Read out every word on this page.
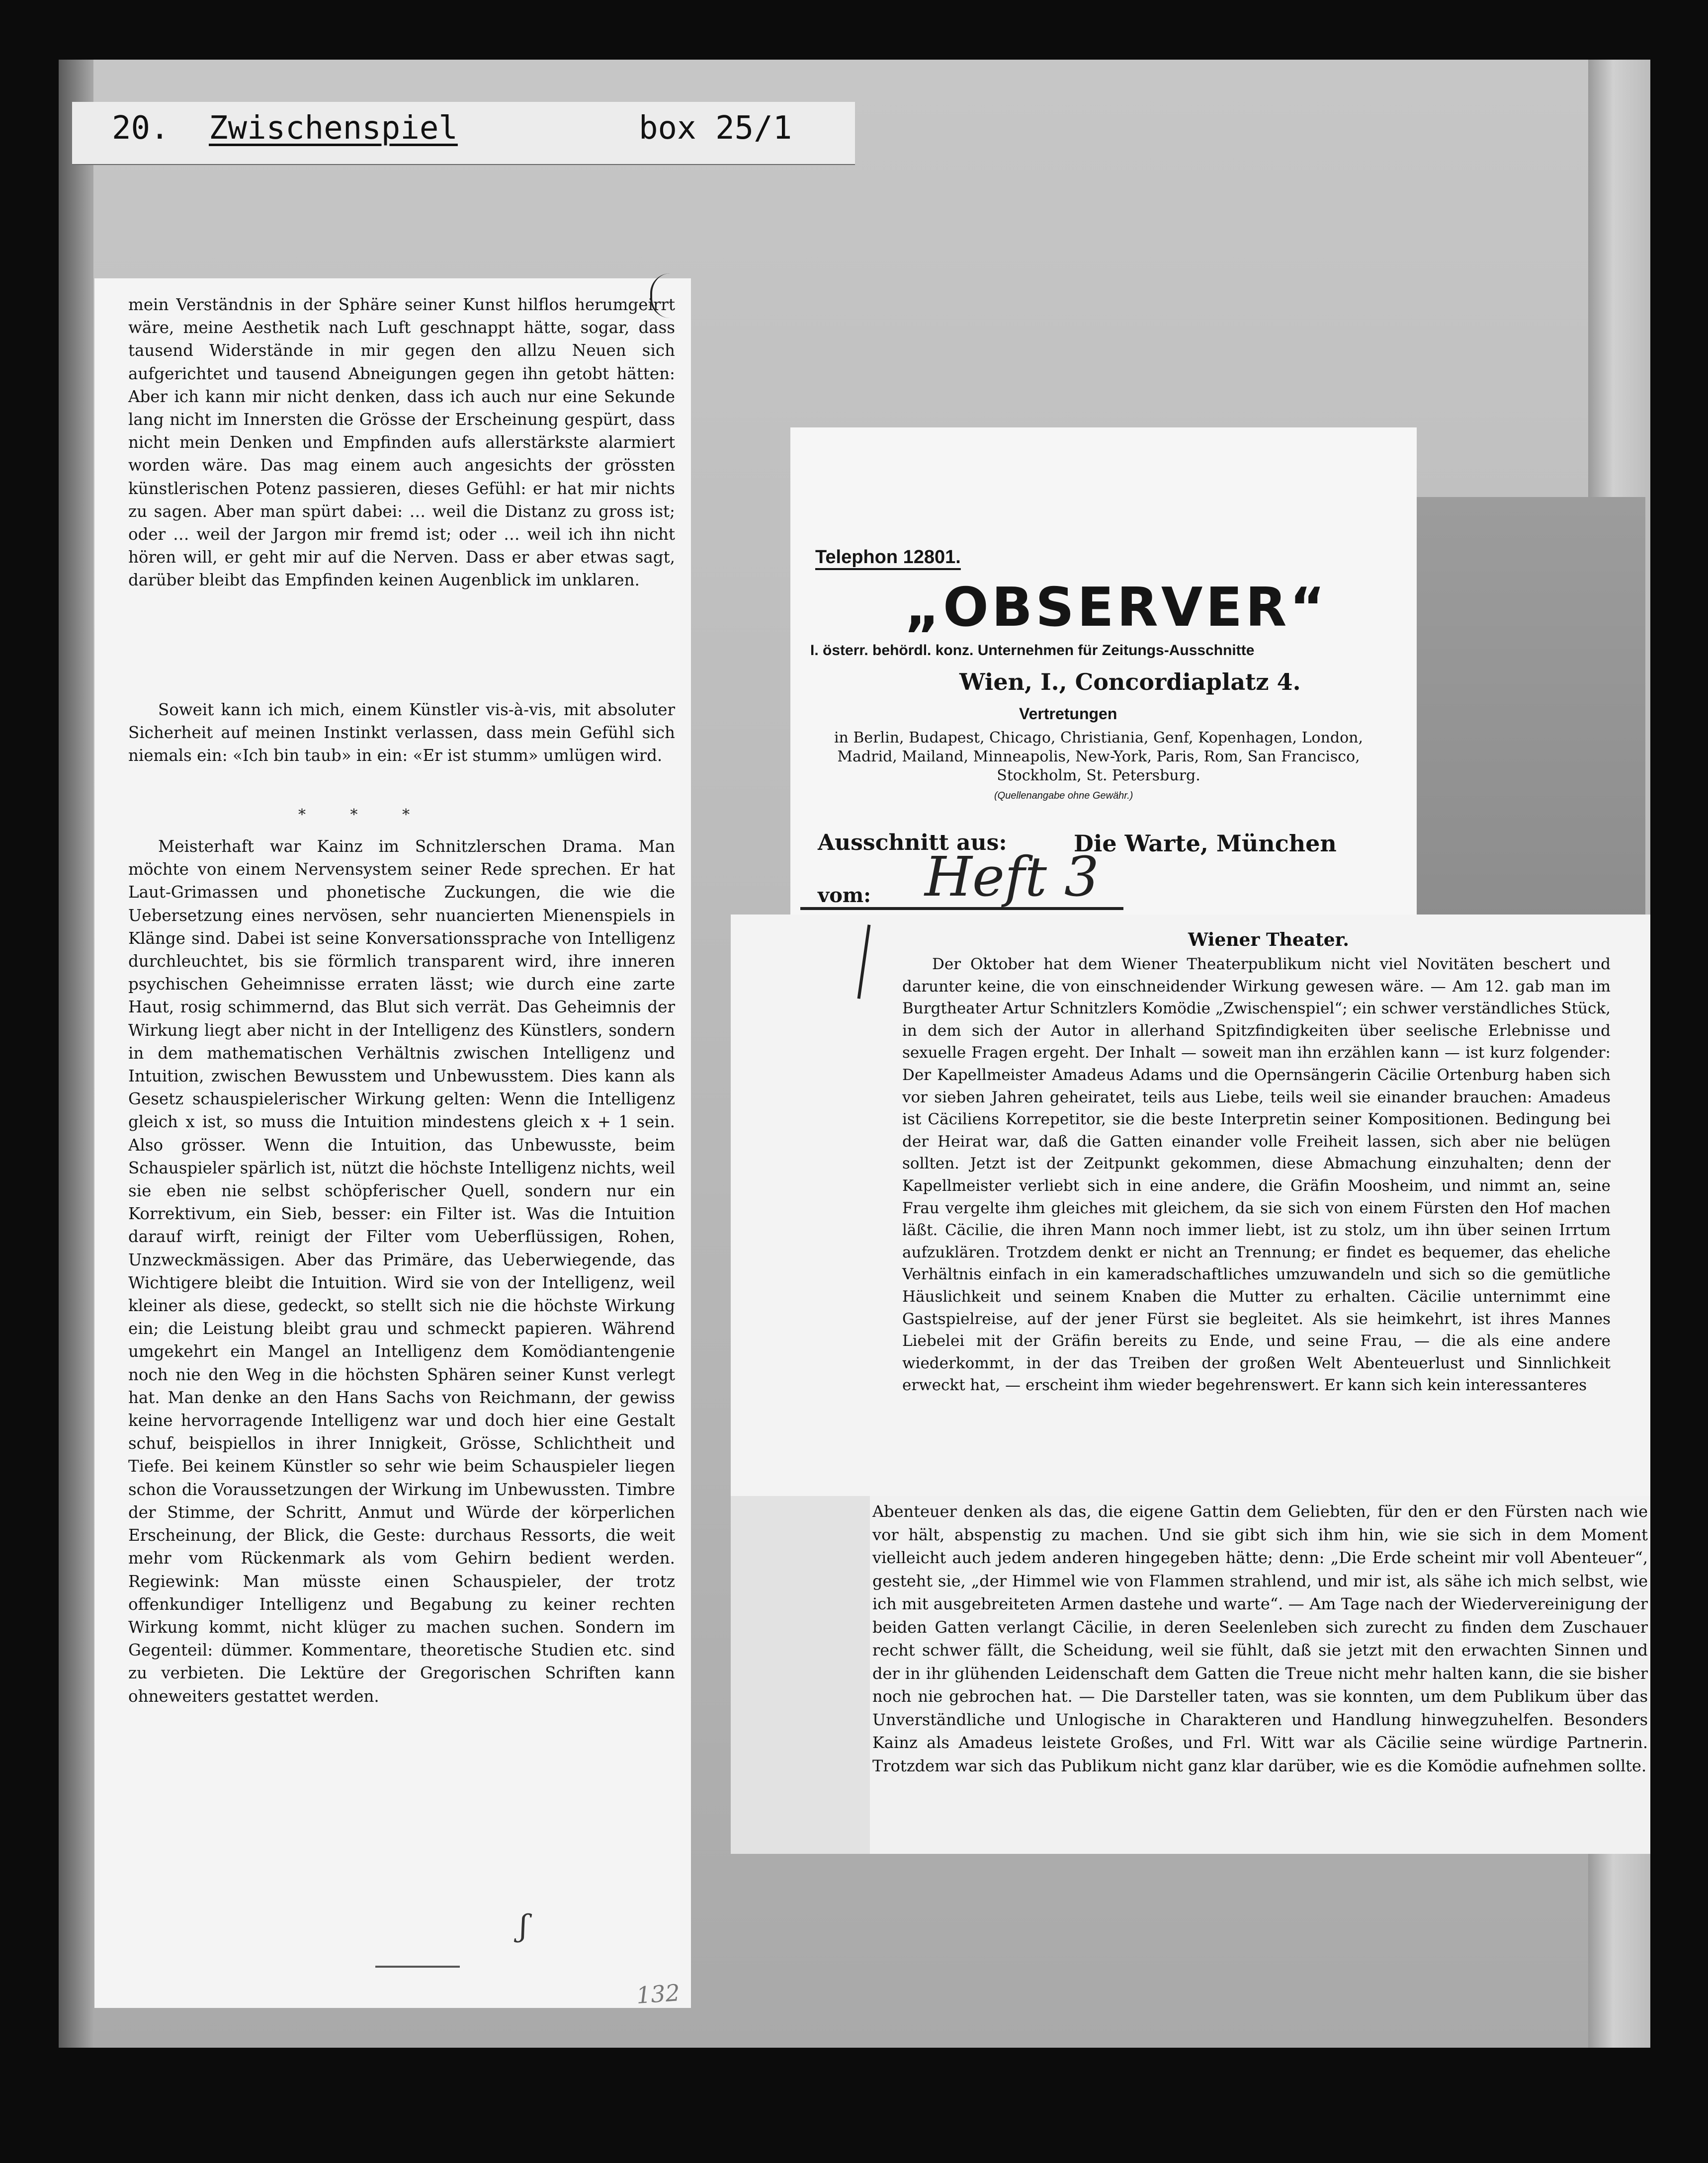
20. Zwischenspiel	box 25/1

mein Verständnis in der Sphäre seiner Kunst hilflos herumgeirrt wäre, meine Aesthetik nach Luft geschnappt hätte, sogar, dass tausend Widerstände in mir gegen den allzu Neuen sich aufgerichtet und tausend Abneigungen gegen ihn getobt hätten: Aber ich kann mir nicht denken, dass ich auch nur eine Sekunde lang nicht im Innersten die Grösse der Erscheinung gespürt, dass nicht mein Denken und Empfinden aufs allerstärkste alarmiert worden wäre. Das mag einem auch angesichts der grössten künstlerischen Potenz passieren, dieses Gefühl: er hat mir nichts zu sagen. Aber man spürt dabei: … weil die Distanz zu gross ist; oder … weil der Jargon mir fremd ist; oder … weil ich ihn nicht hören will, er geht mir auf die Nerven. Dass er aber etwas sagt, darüber bleibt das Empfinden keinen Augenblick im unklaren.

Soweit kann ich mich, einem Künstler vis-à-vis, mit absoluter Sicherheit auf meinen Instinkt verlassen, dass mein Gefühl sich niemals ein: «Ich bin taub» in ein: «Er ist stumm» umlügen wird.

* * *

Meisterhaft war Kainz im Schnitzlerschen Drama. Man möchte von einem Nervensystem seiner Rede sprechen. Er hat Laut-Grimassen und phonetische Zuckungen, die wie die Uebersetzung eines nervösen, sehr nuancierten Mienenspiels in Klänge sind. Dabei ist seine Konversationssprache von Intelligenz durchleuchtet, bis sie förmlich transparent wird, ihre inneren psychischen Geheimnisse erraten lässt; wie durch eine zarte Haut, rosig schimmernd, das Blut sich verrät. Das Geheimnis der Wirkung liegt aber nicht in der Intelligenz des Künstlers, sondern in dem mathematischen Verhältnis zwischen Intelligenz und Intuition, zwischen Bewusstem und Unbewusstem. Dies kann als Gesetz schauspielerischer Wirkung gelten: Wenn die Intelligenz gleich x ist, so muss die Intuition mindestens gleich x + 1 sein. Also grösser. Wenn die Intuition, das Unbewusste, beim Schauspieler spärlich ist, nützt die höchste Intelligenz nichts, weil sie eben nie selbst schöpferischer Quell, sondern nur ein Korrektivum, ein Sieb, besser: ein Filter ist. Was die Intuition darauf wirft, reinigt der Filter vom Ueberflüssigen, Rohen, Unzweckmässigen. Aber das Primäre, das Ueberwiegende, das Wichtigere bleibt die Intuition. Wird sie von der Intelligenz, weil kleiner als diese, gedeckt, so stellt sich nie die höchste Wirkung ein; die Leistung bleibt grau und schmeckt papieren. Während umgekehrt ein Mangel an Intelligenz dem Komödiantengenie noch nie den Weg in die höchsten Sphären seiner Kunst verlegt hat. Man denke an den Hans Sachs von Reichmann, der gewiss keine hervorragende Intelligenz war und doch hier eine Gestalt schuf, beispiellos in ihrer Innigkeit, Grösse, Schlichtheit und Tiefe. Bei keinem Künstler so sehr wie beim Schauspieler liegen schon die Voraussetzungen der Wirkung im Unbewussten. Timbre der Stimme, der Schritt, Anmut und Würde der körperlichen Erscheinung, der Blick, die Geste: durchaus Ressorts, die weit mehr vom Rückenmark als vom Gehirn bedient werden. Regiewink: Man müsste einen Schauspieler, der trotz offenkundiger Intelligenz und Begabung zu keiner rechten Wirkung kommt, nicht klüger zu machen suchen. Sondern im Gegenteil: dümmer. Kommentare, theoretische Studien etc. sind zu verbieten. Die Lektüre der Gregorischen Schriften kann ohneweiters gestattet werden.

ʃ
132
Telephon 12801.
„OBSERVER“
I. österr. behördl. konz. Unternehmen für Zeitungs-Ausschnitte
Wien, I., Concordiaplatz 4.
Vertretungen
in Berlin, Budapest, Chicago, Christiania, Genf, Kopenhagen, London, Madrid, Mailand, Minneapolis, New-York, Paris, Rom, San Francisco, Stockholm, St. Petersburg.
(Quellenangabe ohne Gewähr.)
Ausschnitt aus:	Die Warte, München
vom: Heft 3
Wiener Theater.

Der Oktober hat dem Wiener Theaterpublikum nicht viel Novitäten beschert und darunter keine, die von einschneidender Wirkung gewesen wäre. — Am 12. gab man im Burgtheater Artur Schnitzlers Komödie „Zwischenspiel“; ein schwer verständliches Stück, in dem sich der Autor in allerhand Spitzfindigkeiten über seelische Erlebnisse und sexuelle Fragen ergeht. Der Inhalt — soweit man ihn erzählen kann — ist kurz folgender: Der Kapellmeister Amadeus Adams und die Opernsängerin Cäcilie Ortenburg haben sich vor sieben Jahren geheiratet, teils aus Liebe, teils weil sie einander brauchen: Amadeus ist Cäciliens Korrepetitor, sie die beste Interpretin seiner Kompositionen. Bedingung bei der Heirat war, daß die Gatten einander volle Freiheit lassen, sich aber nie belügen sollten. Jetzt ist der Zeitpunkt gekommen, diese Abmachung einzuhalten; denn der Kapellmeister verliebt sich in eine andere, die Gräfin Moosheim, und nimmt an, seine Frau vergelte ihm gleiches mit gleichem, da sie sich von einem Fürsten den Hof machen läßt. Cäcilie, die ihren Mann noch immer liebt, ist zu stolz, um ihn über seinen Irrtum aufzuklären. Trotzdem denkt er nicht an Trennung; er findet es bequemer, das eheliche Verhältnis einfach in ein kameradschaftliches umzuwandeln und sich so die gemütliche Häuslichkeit und seinem Knaben die Mutter zu erhalten. Cäcilie unternimmt eine Gastspielreise, auf der jener Fürst sie begleitet. Als sie heimkehrt, ist ihres Mannes Liebelei mit der Gräfin bereits zu Ende, und seine Frau, — die als eine andere wiederkommt, in der das Treiben der großen Welt Abenteuerlust und Sinnlichkeit erweckt hat, — erscheint ihm wieder begehrenswert. Er kann sich kein interessanteres

Abenteuer denken als das, die eigene Gattin dem Geliebten, für den er den Fürsten nach wie vor hält, abspenstig zu machen. Und sie gibt sich ihm hin, wie sie sich in dem Moment vielleicht auch jedem anderen hingegeben hätte; denn: „Die Erde scheint mir voll Abenteuer“, gesteht sie, „der Himmel wie von Flammen strahlend, und mir ist, als sähe ich mich selbst, wie ich mit ausgebreiteten Armen dastehe und warte“. — Am Tage nach der Wiedervereinigung der beiden Gatten verlangt Cäcilie, in deren Seelenleben sich zurecht zu finden dem Zuschauer recht schwer fällt, die Scheidung, weil sie fühlt, daß sie jetzt mit den erwachten Sinnen und der in ihr glühenden Leidenschaft dem Gatten die Treue nicht mehr halten kann, die sie bisher noch nie gebrochen hat. — Die Darsteller taten, was sie konnten, um dem Publikum über das Unverständliche und Unlogische in Charakteren und Handlung hinwegzuhelfen. Besonders Kainz als Amadeus leistete Großes, und Frl. Witt war als Cäcilie seine würdige Partnerin. Trotzdem war sich das Publikum nicht ganz klar darüber, wie es die Komödie aufnehmen sollte.
